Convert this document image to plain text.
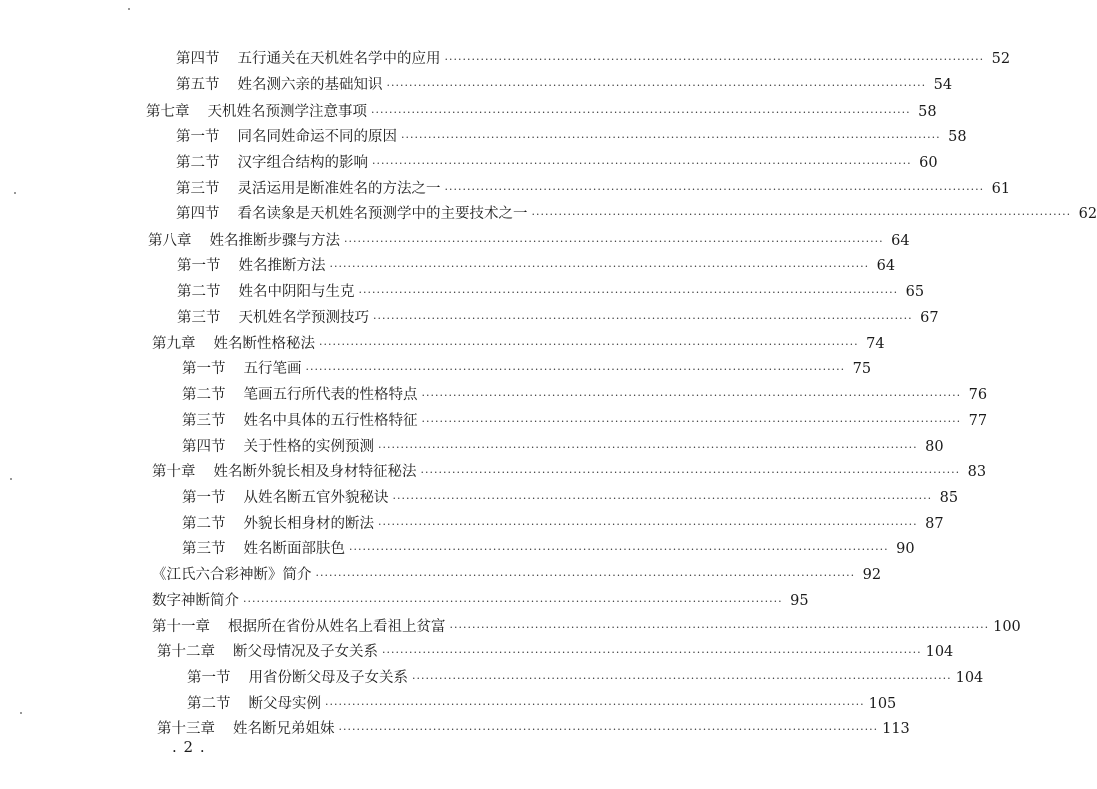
第四节 五行通关在天机姓名学中的应用 ························································································································ 52
第五节 姓名测六亲的基础知识 ························································································································ 54
第七章 天机姓名预测学注意事项 ························································································································ 58
第一节 同名同姓命运不同的原因 ························································································································ 58
第二节 汉字组合结构的影响 ························································································································ 60
第三节 灵活运用是断准姓名的方法之一 ························································································································ 61
第四节 看名读象是天机姓名预测学中的主要技术之一 ························································································································ 62
第八章 姓名推断步骤与方法 ························································································································ 64
第一节 姓名推断方法 ························································································································ 64
第二节 姓名中阴阳与生克 ························································································································ 65
第三节 天机姓名学预测技巧 ························································································································ 67
第九章 姓名断性格秘法 ························································································································ 74
第一节 五行笔画 ························································································································ 75
第二节 笔画五行所代表的性格特点 ························································································································ 76
第三节 姓名中具体的五行性格特征 ························································································································ 77
第四节 关于性格的实例预测 ························································································································ 80
第十章 姓名断外貌长相及身材特征秘法 ························································································································ 83
第一节 从姓名断五官外貌秘诀 ························································································································ 85
第二节 外貌长相身材的断法 ························································································································ 87
第三节 姓名断面部肤色 ························································································································ 90
《江氏六合彩神断》简介 ························································································································ 92
数字神断简介 ························································································································ 95
第十一章 根据所在省份从姓名上看祖上贫富 ························································································································ 100
第十二章 断父母情况及子女关系 ························································································································ 104
第一节 用省份断父母及子女关系 ························································································································ 104
第二节 断父母实例 ························································································································ 105
第十三章 姓名断兄弟姐妹 ························································································································ 113
. 2 .
